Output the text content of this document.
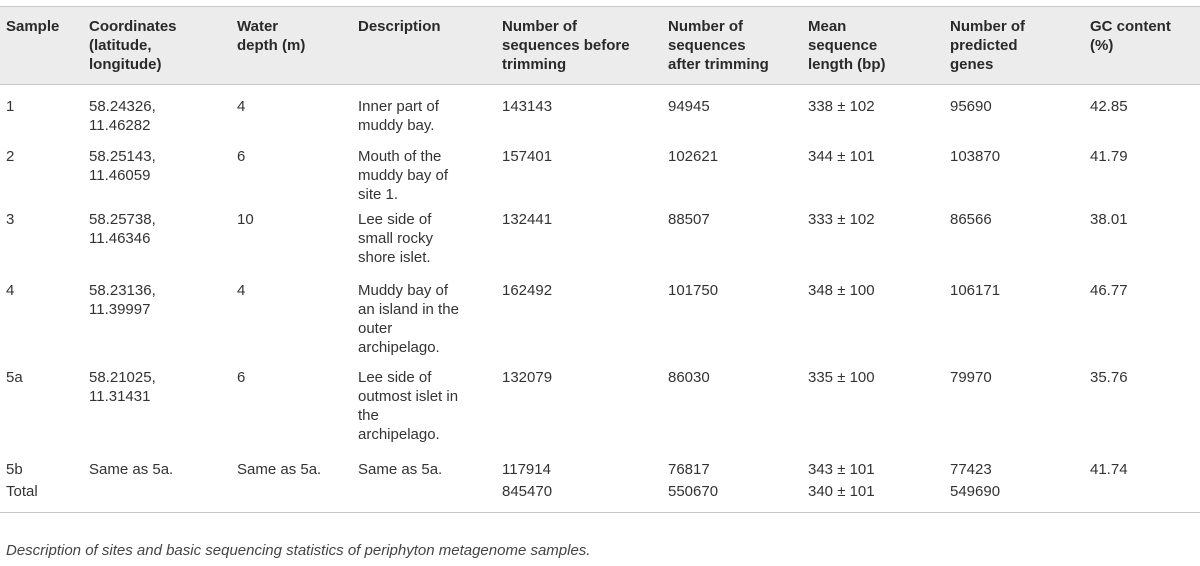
Sample	Coordinates
(latitude,
longitude)	Water
depth (m)	Description	Number of
sequences before
trimming	Number of
sequences
after trimming	Mean
sequence
length (bp)	Number of
predicted
genes	GC content
(%)

1	58.24326,
11.46282	4	Inner part of
muddy bay.	143143	94945	338 ± 102	95690	42.85

2	58.25143,
11.46059	6	Mouth of the
muddy bay of
site 1.	157401	102621	344 ± 101	103870	41.79

3	58.25738,
11.46346	10	Lee side of
small rocky
shore islet.	132441	88507	333 ± 102	86566	38.01

4	58.23136,
11.39997	4	Muddy bay of
an island in the
outer
archipelago.	162492	101750	348 ± 100	106171	46.77

5a	58.21025,
11.31431	6	Lee side of
outmost islet in
the
archipelago.	132079	86030	335 ± 100	79970	35.76

5b	Same as 5a.	Same as 5a.	Same as 5a.	117914	76817	343 ± 101	77423	41.74

Total				845470	550670	340 ± 101	549690	

Description of sites and basic sequencing statistics of periphyton metagenome samples.
